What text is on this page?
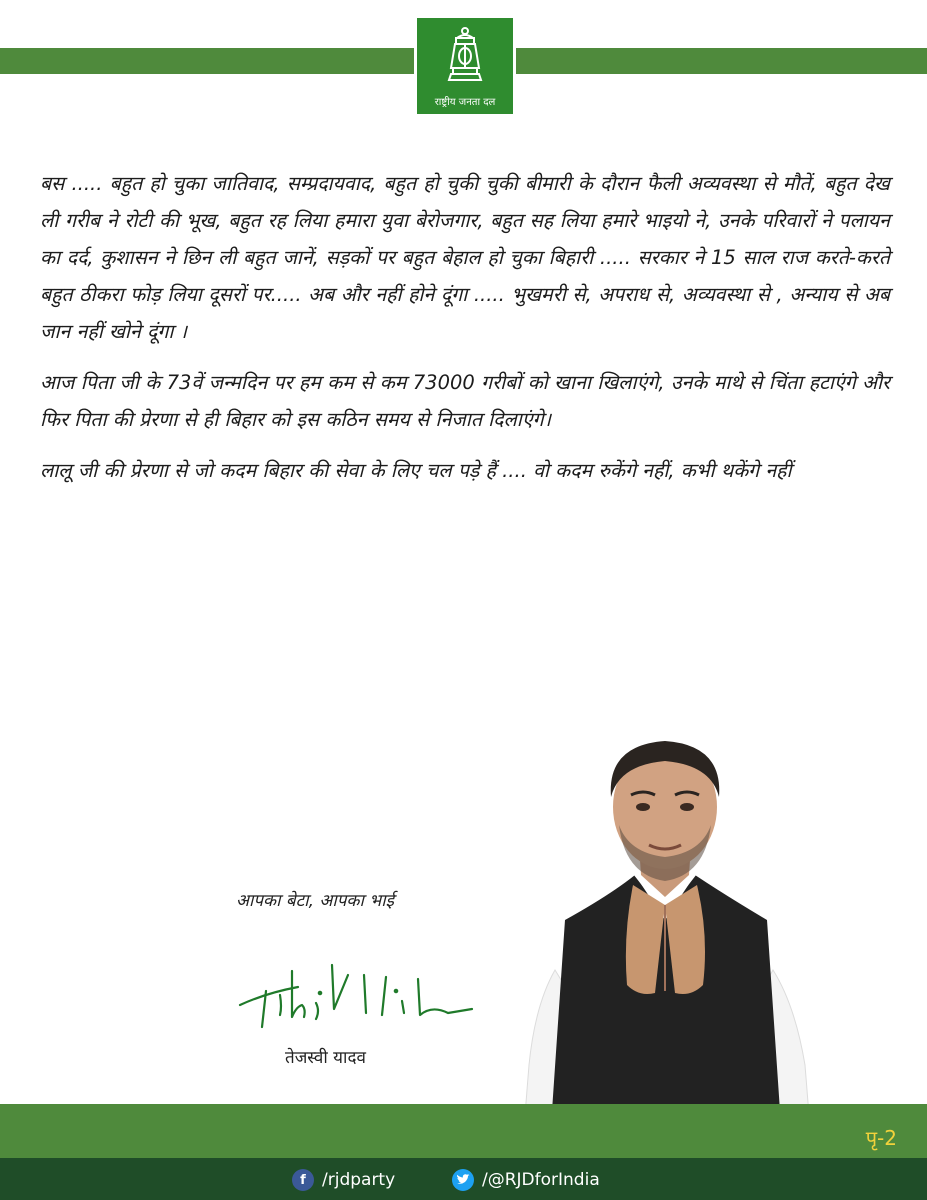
राष्ट्रीय जनता दल

बस ..... बहुत हो चुका जातिवाद, सम्प्रदायवाद, बहुत हो चुकी चुकी बीमारी के दौरान फैली अव्यवस्था से मौतें, बहुत देख ली गरीब ने रोटी की भूख, बहुत रह लिया हमारा युवा बेरोजगार, बहुत सह लिया हमारे भाइयो ने, उनके परिवारों ने पलायन का दर्द, कुशासन ने छिन ली बहुत जानें, सड़कों पर बहुत बेहाल हो चुका बिहारी ..... सरकार ने 15 साल राज करते-करते बहुत ठीकरा फोड़ लिया दूसरों पर..... अब और नहीं होने दूंगा ..... भुखमरी से, अपराध से, अव्यवस्था से , अन्याय से अब जान नहीं खोने दूंगा ।

आज पिता जी के 73वें जन्मदिन पर हम कम से कम 73000 गरीबों को खाना खिलाएंगे, उनके माथे से चिंता हटाएंगे और फिर पिता की प्रेरणा से ही बिहार को इस कठिन समय से निजात दिलाएंगे।

लालू जी की प्रेरणा से जो कदम बिहार की सेवा के लिए चल पड़े हैं .... वो कदम रुकेंगे नहीं, कभी थकेंगे नहीं

आपका बेटा, आपका भाई
तेजस्वी यादव
पृ-2
f /rjdparty	/@RJDforIndia
